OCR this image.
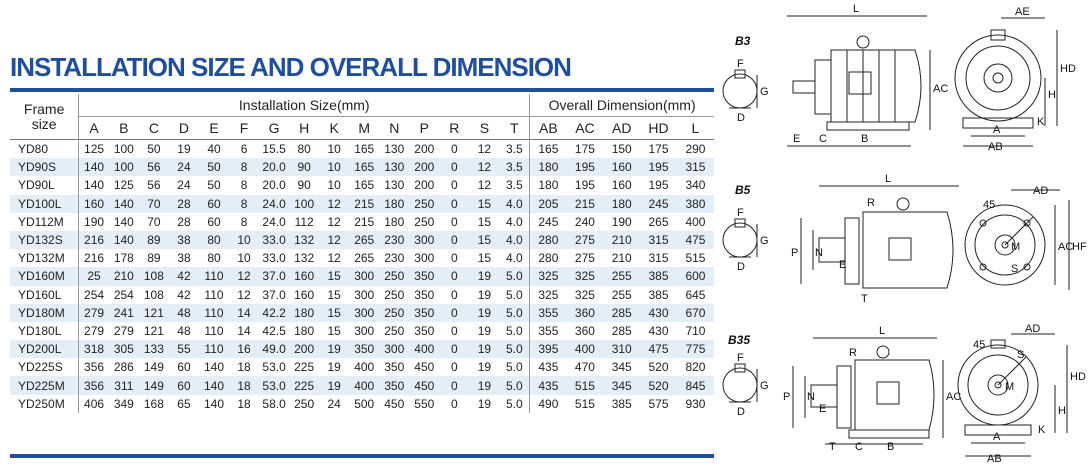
INSTALLATION SIZE AND OVERALL DIMENSION
Frame
size	Installation Size(mm)															Overall Dimension(mm)				
	A	B	C	D	E	F	G	H	K	M	N	P	R	S	T	AB	AC	AD	HD	L
YD80	125	100	50	19	40	6	15.5	80	10	165	130	200	0	12	3.5	165	175	150	175	290
YD90S	140	100	56	24	50	8	20.0	90	10	165	130	200	0	12	3.5	180	195	160	195	315
YD90L	140	125	56	24	50	8	20.0	90	10	165	130	200	0	12	3.5	180	195	160	195	340
YD100L	160	140	70	28	60	8	24.0	100	12	215	180	250	0	15	4.0	205	215	180	245	380
YD112M	190	140	70	28	60	8	24.0	112	12	215	180	250	0	15	4.0	245	240	190	265	400
YD132S	216	140	89	38	80	10	33.0	132	12	265	230	300	0	15	4.0	280	275	210	315	475
YD132M	216	178	89	38	80	10	33.0	132	12	265	230	300	0	15	4.0	280	275	210	315	515
YD160M	25	210	108	42	110	12	37.0	160	15	300	250	350	0	19	5.0	325	325	255	385	600
YD160L	254	254	108	42	110	12	37.0	160	15	300	250	350	0	19	5.0	325	325	255	385	645
YD180M	279	241	121	48	110	14	42.2	180	15	300	250	350	0	19	5.0	355	360	285	430	670
YD180L	279	279	121	48	110	14	42.5	180	15	300	250	350	0	19	5.0	355	360	285	430	710
YD200L	318	305	133	55	110	16	49.0	200	19	350	300	400	0	19	5.0	395	400	310	475	775
YD225S	356	286	149	60	140	18	53.0	225	19	400	350	450	0	19	5.0	435	470	345	520	820
YD225M	356	311	149	60	140	18	53.0	225	19	400	350	450	0	19	5.0	435	515	345	520	845
YD250M	406	349	168	65	140	18	58.0	250	24	500	450	550	0	19	5.0	490	515	385	575	930
B3
B5
B35
F
G
D
L
AC
E C	B
AE
HD
H
K
A
AB
F
G
D
L
R
P N
E
T
45
AD
AC
HF
M
S
F
G
D
L
R
P N
E
AC
T C B
45
AD
S
M
HD
H
K
A
AB
